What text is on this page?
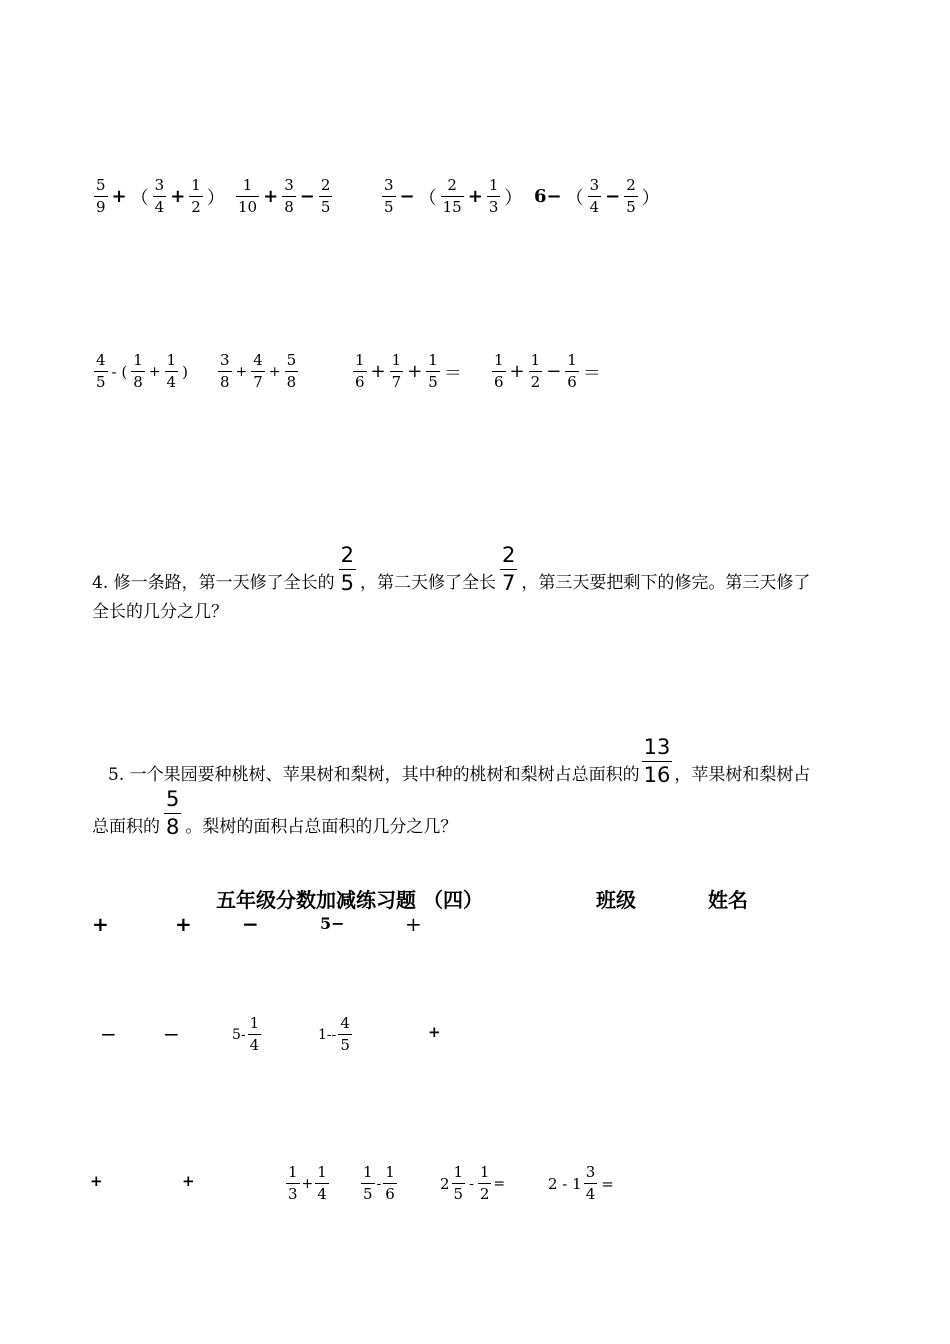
$\frac{5}{9}$ + （ $\frac{3}{4} + \frac{1}{2}$ ） $\frac{1}{10} + \frac{3}{8} - \frac{2}{5}$	$\frac{3}{5}$ − （ $\frac{2}{15} + \frac{1}{3}$ ） 6− （ $\frac{3}{4} - \frac{2}{5}$ ）
$\frac{4}{5}$ - ( $\frac{1}{8} + \frac{1}{4}$ ) $\frac{3}{8} + \frac{4}{7} + \frac{5}{8}$	$\frac{1}{6} + \frac{1}{7} + \frac{1}{5} = \frac{1}{6} + \frac{1}{2} - \frac{1}{6}$ ＝
4. 修一条路，第一天修了全长的 $\frac{2}{5}$ ，第二天修了全长 $\frac{2}{7}$ ，第三天要把剩下的修完。第三天修了
全长的几分之几？
5. 一个果园要种桃树、苹果树和梨树，其中种的桃树和梨树占总面积的 $\frac{13}{16}$ ，苹果树和梨树占
总面积的 $\frac{5}{8}$ 。梨树的面积占总面积的几分之几？
五年级分数加减练习题 （四）	班级	姓名
+	+	−	5−	+
− −	$5- \frac{1}{4}$	$1-- \frac{4}{5}$	+
+	+	$\frac{1}{3} + \frac{1}{4} \frac{1}{5} - \frac{1}{6}$	$2 \frac{1}{5} - \frac{1}{2}$ =	$2 - 1 \frac{3}{4}$ =
